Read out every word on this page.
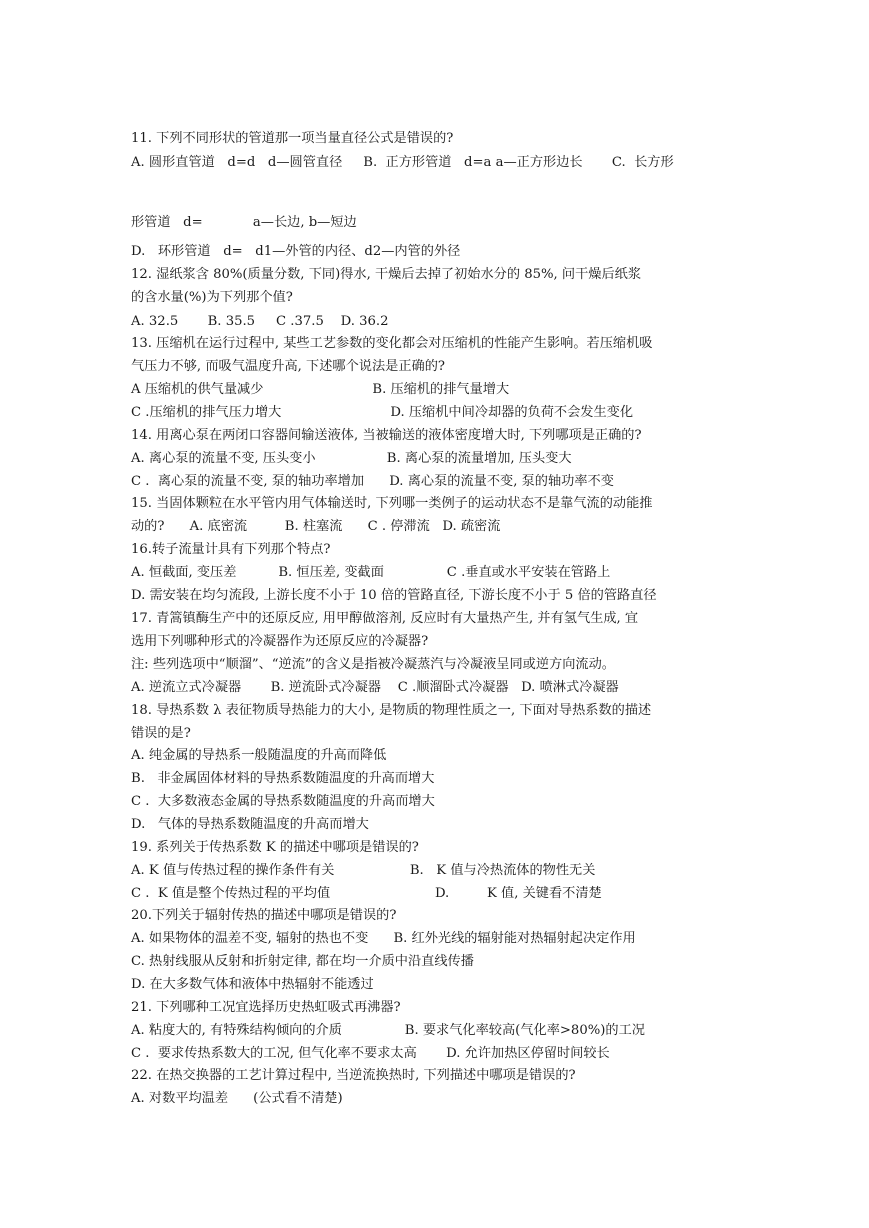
11. 下列不同形状的管道那一项当量直径公式是错误的?
A. 圆形直管道   d=d   d—圆管直径     B.  正方形管道   d=a a—正方形边长       C.  长方形
形管道   d=            a—长边, b—短边
D.   环形管道   d=   d1—外管的内径、d2—内管的外径
12. 湿纸浆含 80%(质量分数, 下同)得水, 干燥后去掉了初始水分的 85%, 问干燥后纸浆
的含水量(%)为下列那个值?
A. 32.5       B. 35.5     C .37.5    D. 36.2
13. 压缩机在运行过程中, 某些工艺参数的变化都会对压缩机的性能产生影响。若压缩机吸
气压力不够, 而吸气温度升高, 下述哪个说法是正确的?
A 压缩机的供气量减少                          B. 压缩机的排气量增大
C .压缩机的排气压力增大                          D. 压缩机中间冷却器的负荷不会发生变化
14. 用离心泵在两闭口容器间输送液体, 当被输送的液体密度增大时, 下列哪项是正确的?
A. 离心泵的流量不变, 压头变小                 B. 离心泵的流量增加, 压头变大
C .  离心泵的流量不变, 泵的轴功率增加      D. 离心泵的流量不变, 泵的轴功率不变
15. 当固体颗粒在水平管内用气体输送时, 下列哪一类例子的运动状态不是靠气流的动能推
动的?      A. 底密流         B. 柱塞流      C . 停滞流   D. 疏密流
16.转子流量计具有下列那个特点?
A. 恒截面, 变压差          B. 恒压差, 变截面               C .垂直或水平安装在管路上
D. 需安装在均匀流段, 上游长度不小于 10 倍的管路直径, 下游长度不小于 5 倍的管路直径
17. 青篙镇酶生产中的还原反应, 用甲醇做溶剂, 反应时有大量热产生, 并有氢气生成, 宜
选用下列哪种形式的冷凝器作为还原反应的冷凝器?
注: 些列选项中“顺溜”、“逆流”的含义是指被冷凝蒸汽与冷凝液呈同或逆方向流动。
A. 逆流立式冷凝器       B. 逆流卧式冷凝器    C .顺溜卧式冷凝器   D. 喷淋式冷凝器
18. 导热系数 λ 表征物质导热能力的大小, 是物质的物理性质之一, 下面对导热系数的描述
错误的是?
A. 纯金属的导热系一般随温度的升高而降低
B.   非金属固体材料的导热系数随温度的升高而增大
C .  大多数液态金属的导热系数随温度的升高而增大
D.   气体的导热系数随温度的升高而增大
19. 系列关于传热系数 K 的描述中哪项是错误的?
A. K 值与传热过程的操作条件有关                  B.   K 值与冷热流体的物性无关
C .  K 值是整个传热过程的平均值                         D.         K 值, 关键看不清楚
20.下列关于辐射传热的描述中哪项是错误的?
A. 如果物体的温差不变, 辐射的热也不变      B. 红外光线的辐射能对热辐射起决定作用
C. 热射线服从反射和折射定律, 都在均一介质中沿直线传播
D. 在大多数气体和液体中热辐射不能透过
21. 下列哪种工况宜选择历史热虹吸式再沸器?
A. 粘度大的, 有特殊结构倾向的介质               B. 要求气化率较高(气化率>80%)的工况
C .  要求传热系数大的工况, 但气化率不要求太高       D. 允许加热区停留时间较长
22. 在热交换器的工艺计算过程中, 当逆流换热时, 下列描述中哪项是错误的?
A. 对数平均温差      (公式看不清楚)
